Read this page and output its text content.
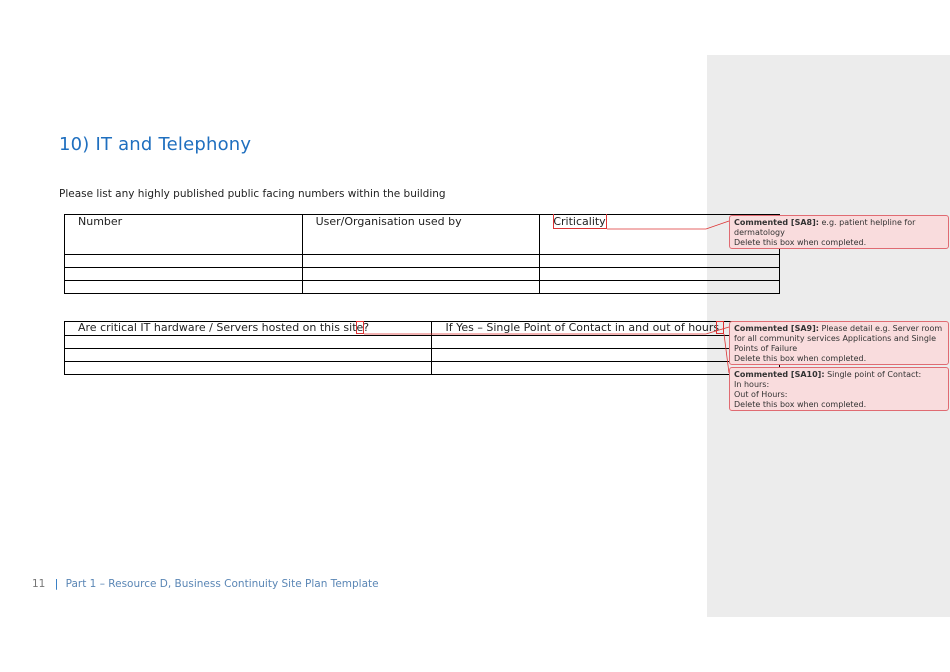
10) IT and Telephony

Please list any highly published public facing numbers within the building

Number	User/Organisation used by	Criticality

Are critical IT hardware / Servers hosted on this site?	If Yes – Single Point of Contact in and out of hours

Commented [SA8]: e.g. patient helpline for dermatology
Delete this box when completed.
Commented [SA9]: Please detail e.g. Server room for all community services Applications and Single Points of Failure
Delete this box when completed.
Commented [SA10]: Single point of Contact:
In hours:
Out of Hours:
Delete this box when completed.
11 | Part 1 – Resource D, Business Continuity Site Plan Template
